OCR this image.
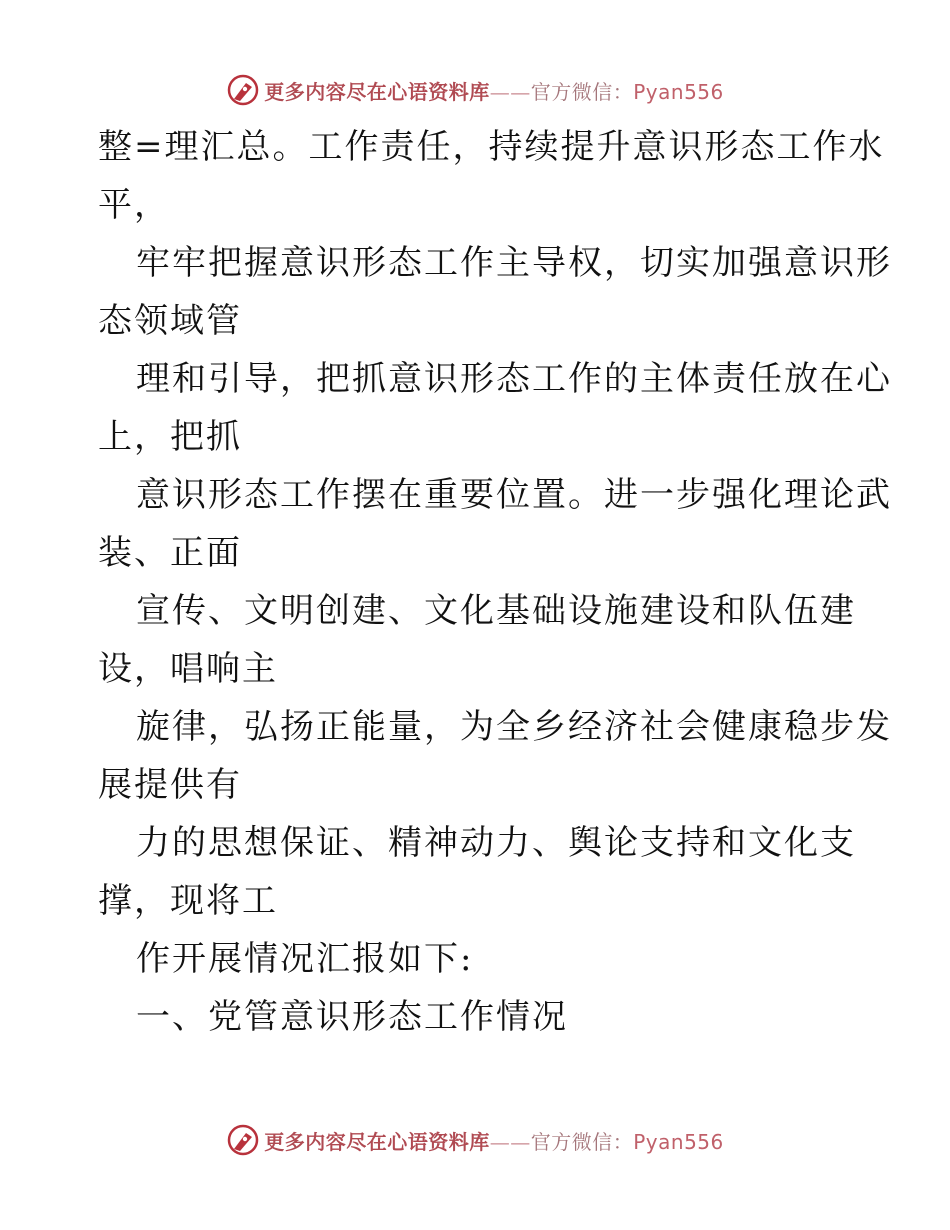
更多内容尽在心语资料库——官方微信：Pyan556
整=理汇总。工作责任，持续提升意识形态工作水
平，
牢牢把握意识形态工作主导权，切实加强意识形
态领域管
理和引导，把抓意识形态工作的主体责任放在心
上，把抓
意识形态工作摆在重要位置。进一步强化理论武
装、正面
宣传、文明创建、文化基础设施建设和队伍建
设，唱响主
旋律，弘扬正能量，为全乡经济社会健康稳步发
展提供有
力的思想保证、精神动力、舆论支持和文化支
撑，现将工
作开展情况汇报如下:
一、党管意识形态工作情况
更多内容尽在心语资料库——官方微信：Pyan556
